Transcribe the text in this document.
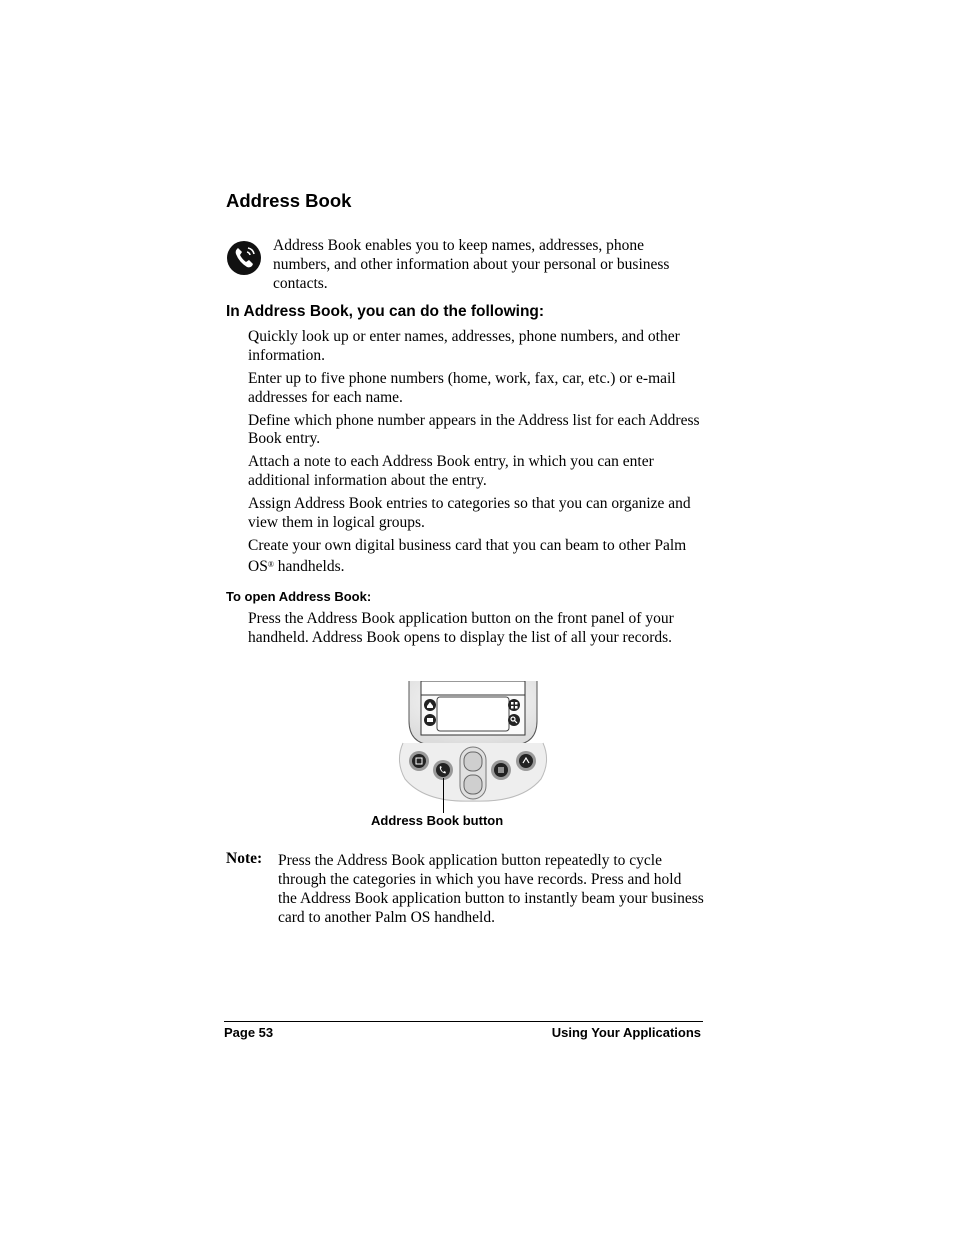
Address Book
Address Book enables you to keep names, addresses, phone numbers, and other information about your personal or business contacts.
In Address Book, you can do the following:
Quickly look up or enter names, addresses, phone numbers, and other information.
Enter up to five phone numbers (home, work, fax, car, etc.) or e-mail addresses for each name.
Define which phone number appears in the Address list for each Address Book entry.
Attach a note to each Address Book entry, in which you can enter additional information about the entry.
Assign Address Book entries to categories so that you can organize and view them in logical groups.
Create your own digital business card that you can beam to other Palm OS® handhelds.
To open Address Book:
Press the Address Book application button on the front panel of your handheld. Address Book opens to display the list of all your records.
Address Book button
Note: Press the Address Book application button repeatedly to cycle through the categories in which you have records. Press and hold the Address Book application button to instantly beam your business card to another Palm OS handheld.
Page 53	Using Your Applications
